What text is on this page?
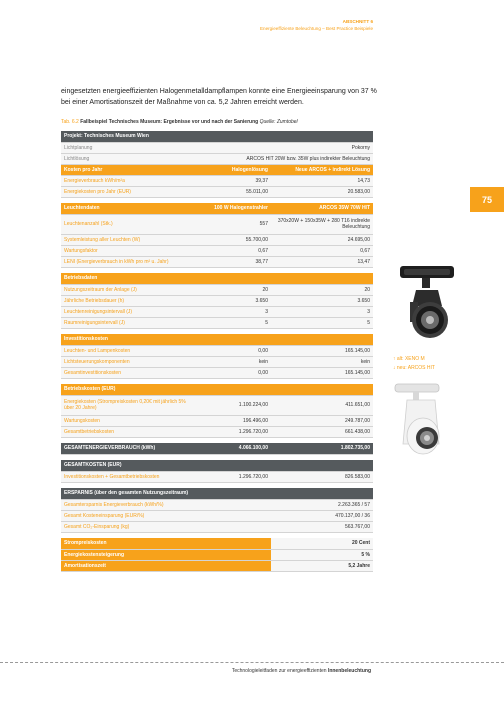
ABSCHNITT 6
Energieeffiziente Beleuchtung – Best Practice Beispiele

eingesetzten energieeffizienten Halogenmetalldampflampen konnte eine Energieeinsparung von 37 % bei einer Amortisationszeit der Maßnahme von ca. 5,2 Jahren erreicht werden.

Tab. 6.2 Fallbeispiel Technisches Museum: Ergebnisse vor und nach der Sanierung Quelle: Zumtobel
Projekt: Technisches Museum Wien		
Lichtplanung	Pokorny	
Lichtlösung	ARCOS HIT 20W bzw. 35W plus indirekter Beleuchtung	
Kosten pro Jahr	Halogenlösung	Neue ARCOS + indirekt Lösung
Energieverbrauch kWh/m²a	39,37	14,73
Energiekosten pro Jahr (EUR)	55.011,00	20.583,00

Leuchtendaten	100 W Halogenstrahler	ARCOS 35W 70W HIT
Leuchtenanzahl (Stk.)	557	370x20W + 150x35W + 280 T16 indirekte Beleuchtung
Systemleistung aller Leuchten (W)	55.700,00	24.695,00
Wartungsfaktor	0,67	0,67
LENI (Energieverbrauch in kWh pro m² u. Jahr)	38,77	13,47

Betriebsdaten		
Nutzungszeitraum der Anlage (J)	20	20
Jährliche Betriebsdauer (h)	3.650	3.650
Leuchtenreinigungsintervall (J)	3	3
Raumreinigungsintervall (J)	5	5

Investitionskosten		
Leuchten- und Lampenkosten	0,00	165.145,00
Lichtsteuerungskomponenten	kein	kein
Gesamtinvestitionskosten	0,00	165.145,00

Betriebskosten (EUR)		
Energiekosten (Strompreiskosten 0,20€ mit jährlich 5% über 20 Jahre)	1.100.224,00	411.651,00
Wartungskosten	196.496,00	249.787,00
Gesamtbetriebskosten	1.296.720,00	661.438,00

GESAMTENERGIEVERBRAUCH (kWh)	4.066.100,00	1.802.735,00

GESAMTKOSTEN (EUR)		
Investitionskosten + Gesamtbetriebskosten	1.296.720,00	826.583,00

ERSPARNIS (über den gesamten Nutzungszeitraum)		
Gesamtersparnis Energieverbrauch (kWh/%)		2.263.365 / 57
Gesamt Kosteneinsparung (EUR/%)		470.137,00 / 36
Gesamt CO₂-Einsparung (kg)		563.767,00

Strompreiskosten		20 Cent
Energiekostensteigerung		5 %
Amortisationszeit		5,2 Jahre
75
↑ alt: XENO M
↓ neu: ARCOS HIT
Technologieleitfaden zur energieeffizienten Innenbeleuchtung
